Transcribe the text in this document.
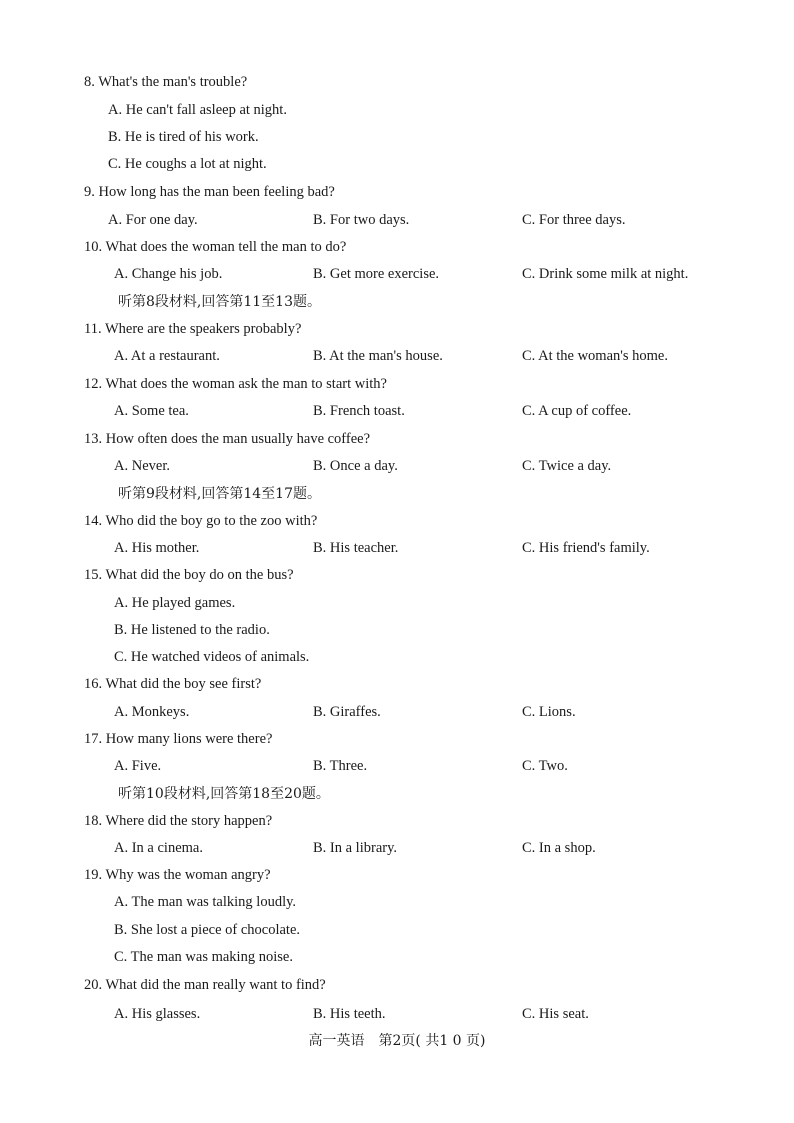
8. What's the man's trouble?
A. He can't fall asleep at night.
B. He is tired of his work.
C. He coughs a lot at night.
9. How long has the man been feeling bad?
A. For one day.	B. For two days.	C. For three days.
10. What does the woman tell the man to do?
A. Change his job.	B. Get more exercise.	C. Drink some milk at night.
听第8段材料,回答第11至13题。
11. Where are the speakers probably?
A. At a restaurant.	B. At the man's house.	C. At the woman's home.
12. What does the woman ask the man to start with?
A. Some tea.	B. French toast.	C. A cup of coffee.
13. How often does the man usually have coffee?
A. Never.	B. Once a day.	C. Twice a day.
听第9段材料,回答第14至17题。
14. Who did the boy go to the zoo with?
A. His mother.	B. His teacher.	C. His friend's family.
15. What did the boy do on the bus?
A. He played games.
B. He listened to the radio.
C. He watched videos of animals.
16. What did the boy see first?
A. Monkeys.	B. Giraffes.	C. Lions.
17. How many lions were there?
A. Five.	B. Three.	C. Two.
听第10段材料,回答第18至20题。
18. Where did the story happen?
A. In a cinema.	B. In a library.	C. In a shop.
19. Why was the woman angry?
A. The man was talking loudly.
B. She lost a piece of chocolate.
C. The man was making noise.
20. What did the man really want to find?
A. His glasses.	B. His teeth.	C. His seat.
高一英语　第2页( 共1 0 页)
